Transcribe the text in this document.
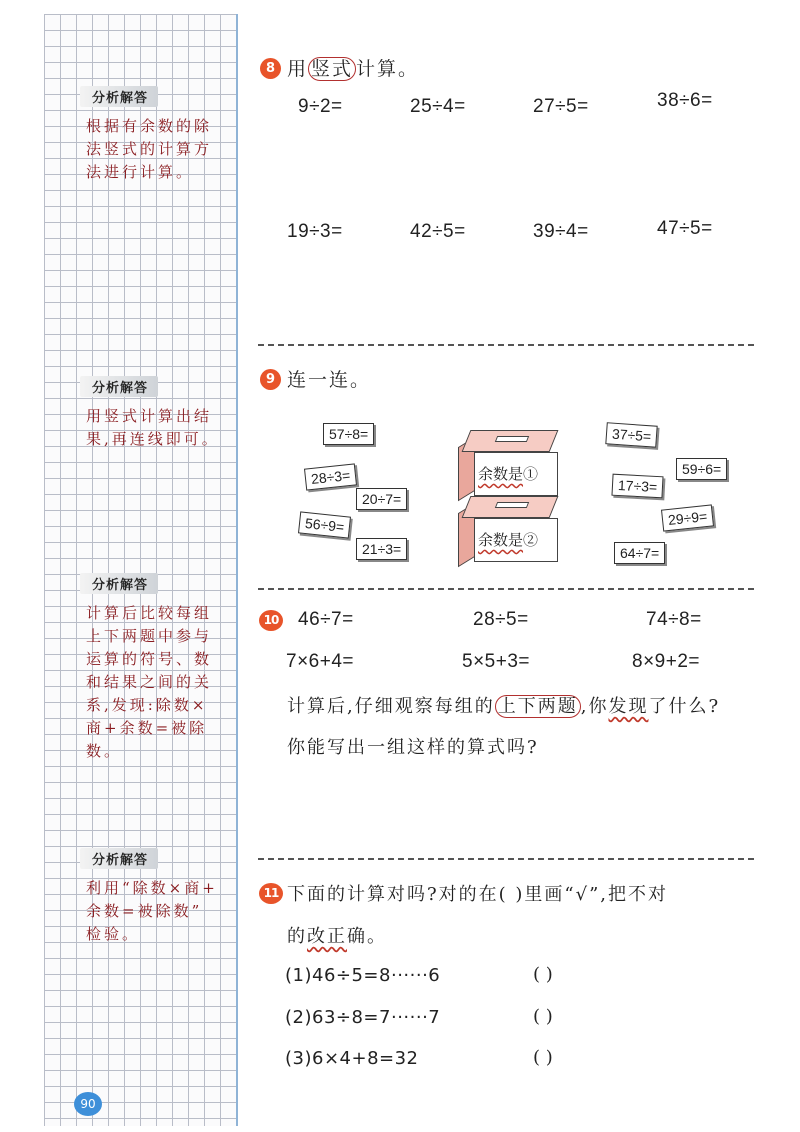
分析解答
根据有余数的除
法竖式的计算方
法进行计算。
分析解答
用竖式计算出结
果,再连线即可。
分析解答
计算后比较每组
上下两题中参与
运算的符号、数
和结果之间的关
系,发现:除数×
商+余数=被除数。
分析解答
利用“除数×商+
余数=被除数”
检验。
90
8 用 竖式 计算。
9÷2=	25÷4=	27÷5=	38÷6=
19÷3=	42÷5=	39÷4=	47÷5=
9 连一连。
57÷8=
28÷3=
20÷7=
56÷9=
21÷3=
余数是①
余数是②
37÷5=
59÷6=
17÷3=
29÷9=
64÷7=
10 46÷7=	28÷5=	74÷8=
7×6+4=	5×5+3=	8×9+2=
计算后,仔细观察每组的 上下两题 ,你发现了什么?
你能写出一组这样的算式吗?
11 下面的计算对吗?对的在( )里画“√”,把不对
的改正确。
(1)46÷5=8······6	( )
(2)63÷8=7······7	( )
(3)6×4+8=32	( )
